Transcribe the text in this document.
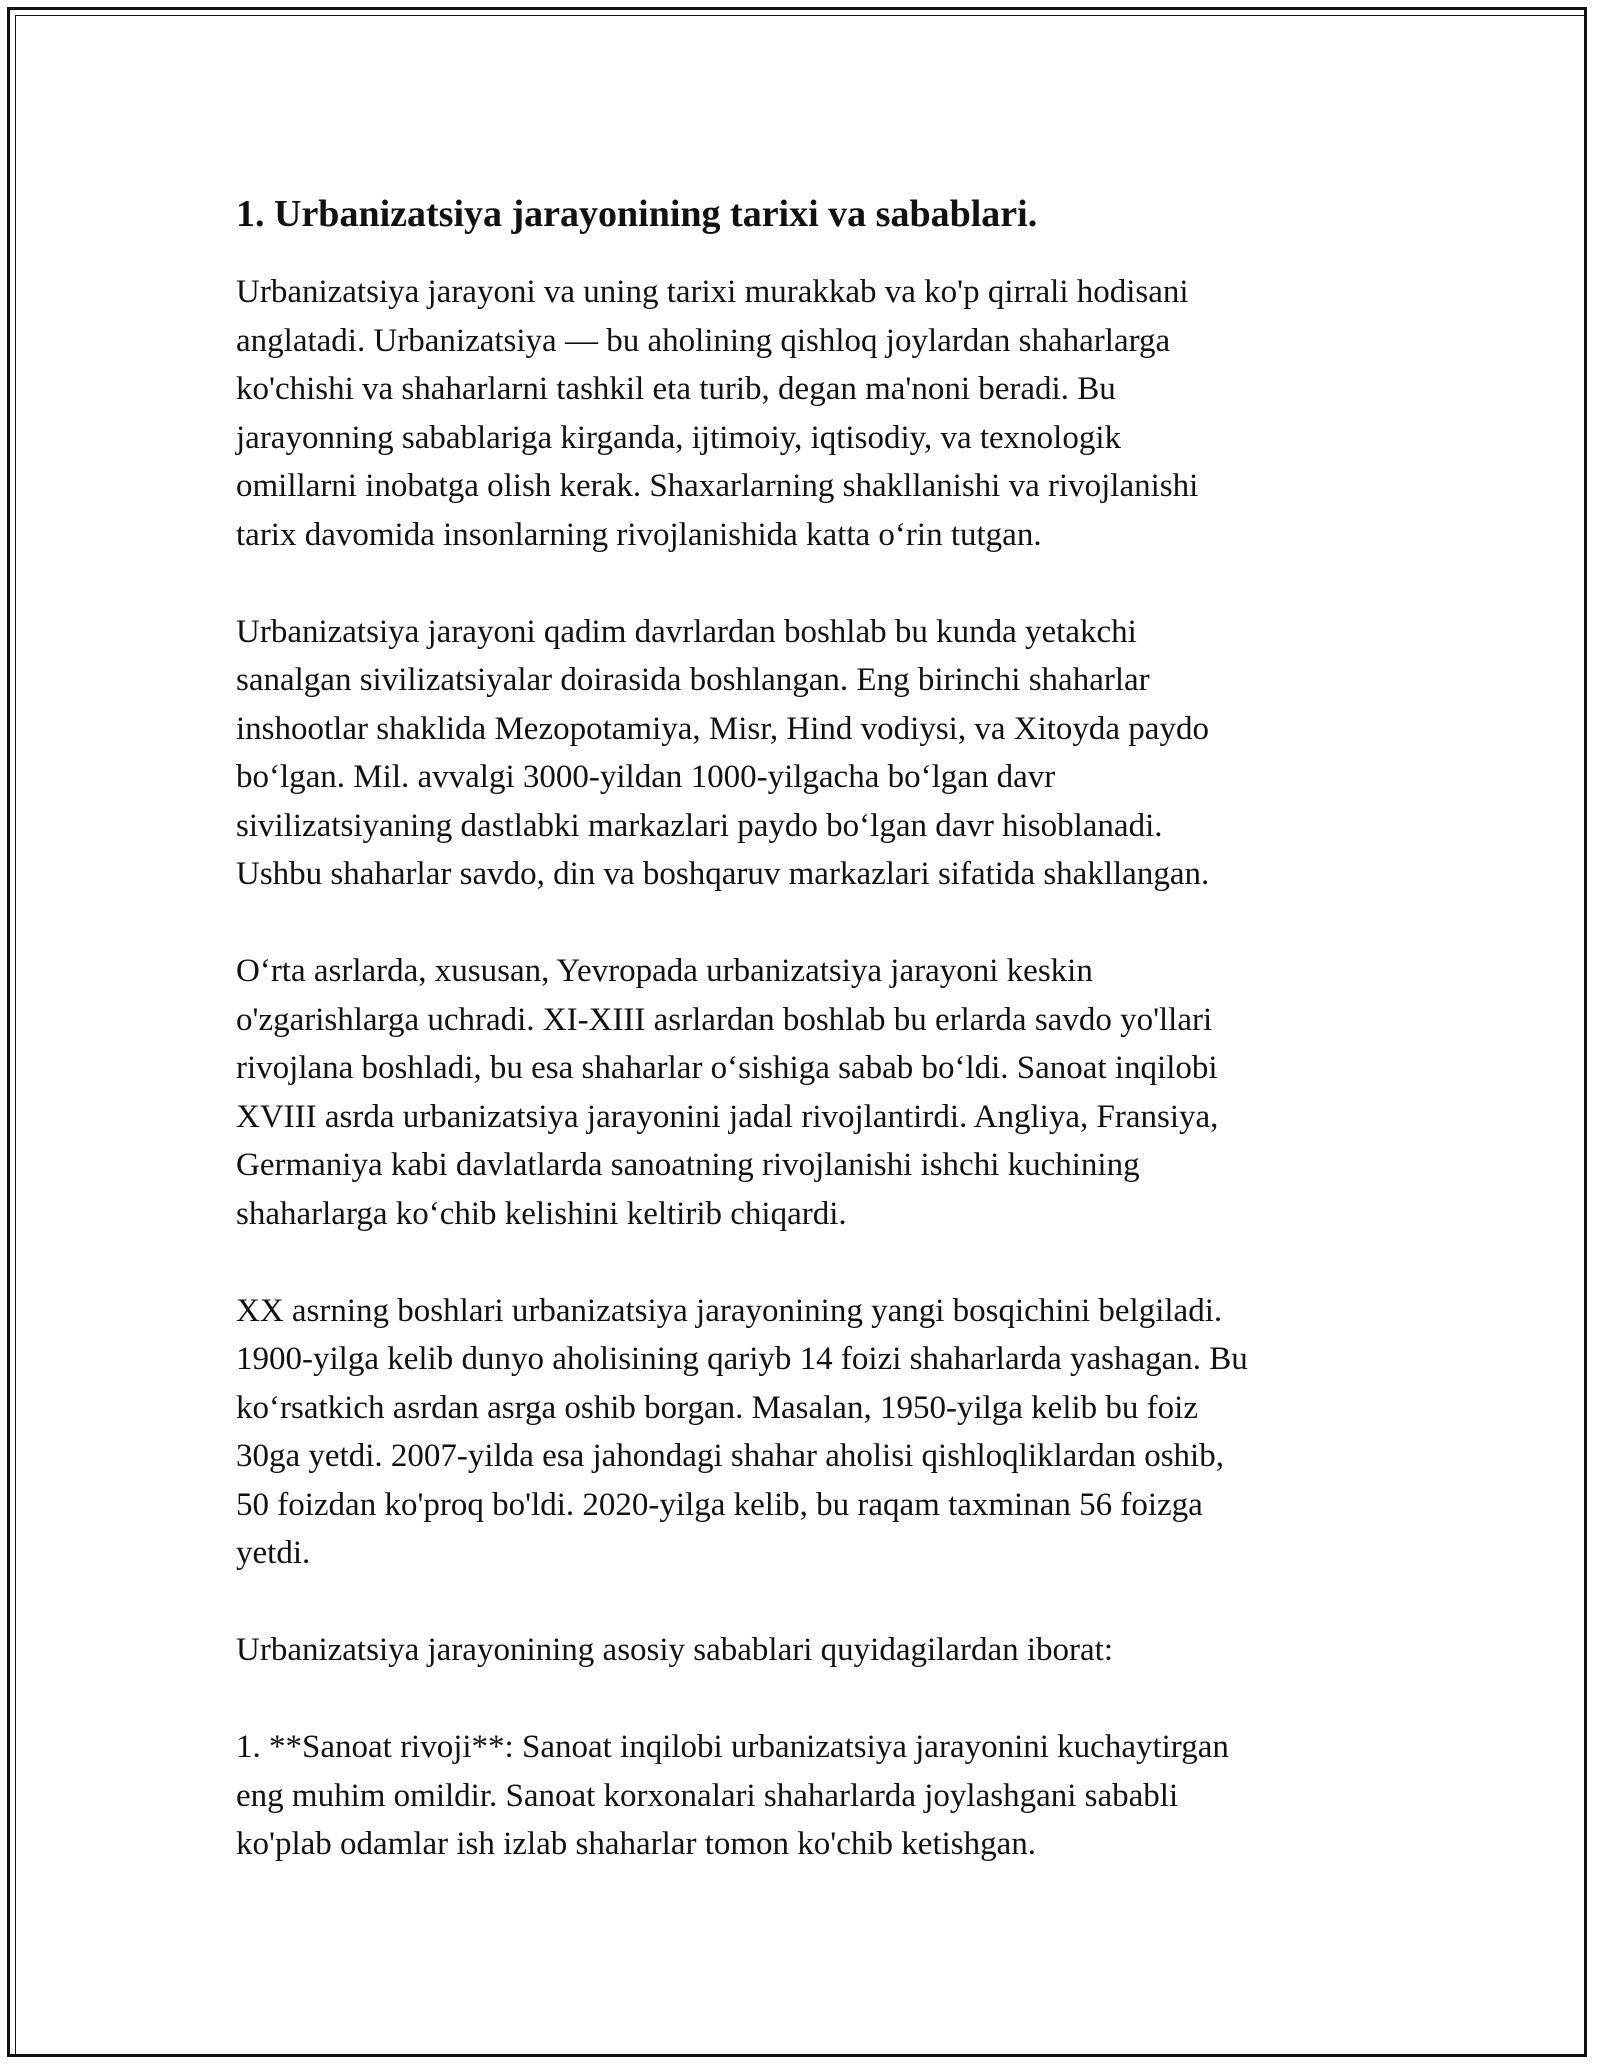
1. Urbanizatsiya jarayonining tarixi va sabablari.
Urbanizatsiya jarayoni va uning tarixi murakkab va ko'p qirrali hodisani
anglatadi. Urbanizatsiya — bu aholining qishloq joylardan shaharlarga
ko'chishi va shaharlarni tashkil eta turib, degan ma'noni beradi. Bu
jarayonning sabablariga kirganda, ijtimoiy, iqtisodiy, va texnologik
omillarni inobatga olish kerak. Shaxarlarning shakllanishi va rivojlanishi
tarix davomida insonlarning rivojlanishida katta o‘rin tutgan.
Urbanizatsiya jarayoni qadim davrlardan boshlab bu kunda yetakchi
sanalgan sivilizatsiyalar doirasida boshlangan. Eng birinchi shaharlar
inshootlar shaklida Mezopotamiya, Misr, Hind vodiysi, va Xitoyda paydo
bo‘lgan. Mil. avvalgi 3000-yildan 1000-yilgacha bo‘lgan davr
sivilizatsiyaning dastlabki markazlari paydo bo‘lgan davr hisoblanadi.
Ushbu shaharlar savdo, din va boshqaruv markazlari sifatida shakllangan.
O‘rta asrlarda, xususan, Yevropada urbanizatsiya jarayoni keskin
o'zgarishlarga uchradi. XI-XIII asrlardan boshlab bu erlarda savdo yo'llari
rivojlana boshladi, bu esa shaharlar o‘sishiga sabab bo‘ldi. Sanoat inqilobi
XVIII asrda urbanizatsiya jarayonini jadal rivojlantirdi. Angliya, Fransiya,
Germaniya kabi davlatlarda sanoatning rivojlanishi ishchi kuchining
shaharlarga ko‘chib kelishini keltirib chiqardi.
XX asrning boshlari urbanizatsiya jarayonining yangi bosqichini belgiladi.
1900-yilga kelib dunyo aholisining qariyb 14 foizi shaharlarda yashagan. Bu
ko‘rsatkich asrdan asrga oshib borgan. Masalan, 1950-yilga kelib bu foiz
30ga yetdi. 2007-yilda esa jahondagi shahar aholisi qishloqliklardan oshib,
50 foizdan ko'proq bo'ldi. 2020-yilga kelib, bu raqam taxminan 56 foizga
yetdi.
Urbanizatsiya jarayonining asosiy sabablari quyidagilardan iborat:
1. **Sanoat rivoji**: Sanoat inqilobi urbanizatsiya jarayonini kuchaytirgan
eng muhim omildir. Sanoat korxonalari shaharlarda joylashgani sababli
ko'plab odamlar ish izlab shaharlar tomon ko'chib ketishgan.
